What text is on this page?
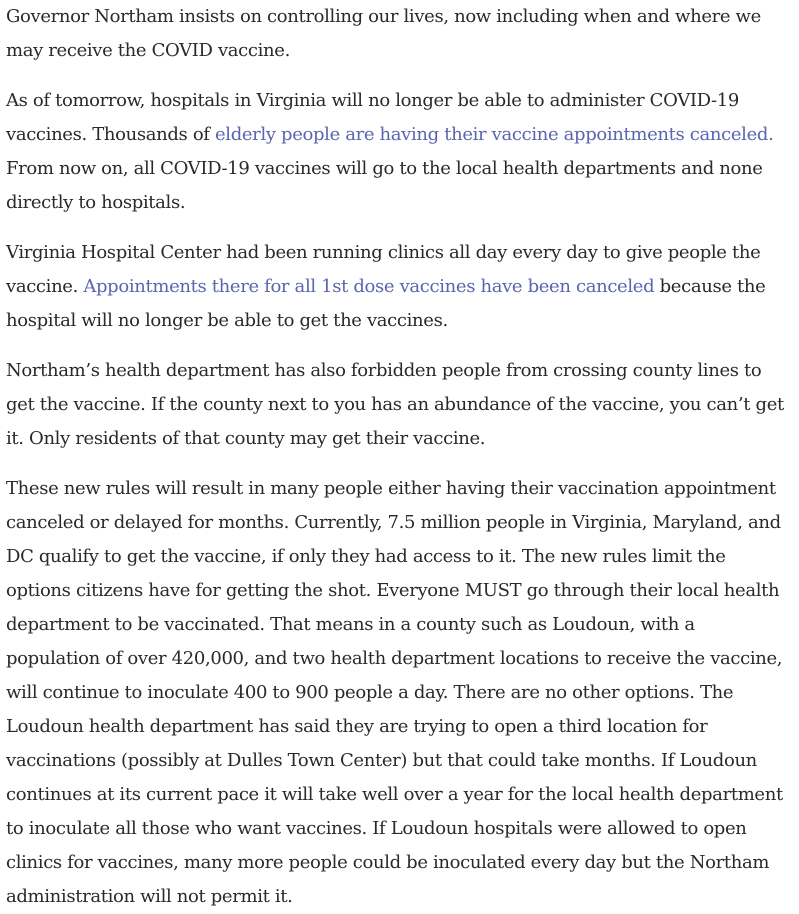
Governor Northam insists on controlling our lives, now including when and where we may receive the COVID vaccine.

As of tomorrow, hospitals in Virginia will no longer be able to administer COVID-19 vaccines. Thousands of elderly people are having their vaccine appointments canceled. From now on, all COVID-19 vaccines will go to the local health departments and none directly to hospitals.

Virginia Hospital Center had been running clinics all day every day to give people the vaccine. Appointments there for all 1st dose vaccines have been canceled because the hospital will no longer be able to get the vaccines.

Northam’s health department has also forbidden people from crossing county lines to get the vaccine. If the county next to you has an abundance of the vaccine, you can’t get it. Only residents of that county may get their vaccine.

These new rules will result in many people either having their vaccination appointment canceled or delayed for months. Currently, 7.5 million people in Virginia, Maryland, and DC qualify to get the vaccine, if only they had access to it. The new rules limit the options citizens have for getting the shot. Everyone MUST go through their local health department to be vaccinated. That means in a county such as Loudoun, with a population of over 420,000, and two health department locations to receive the vaccine, will continue to inoculate 400 to 900 people a day. There are no other options. The Loudoun health department has said they are trying to open a third location for vaccinations (possibly at Dulles Town Center) but that could take months. If Loudoun continues at its current pace it will take well over a year for the local health department to inoculate all those who want vaccines. If Loudoun hospitals were allowed to open clinics for vaccines, many more people could be inoculated every day but the Northam administration will not permit it.
